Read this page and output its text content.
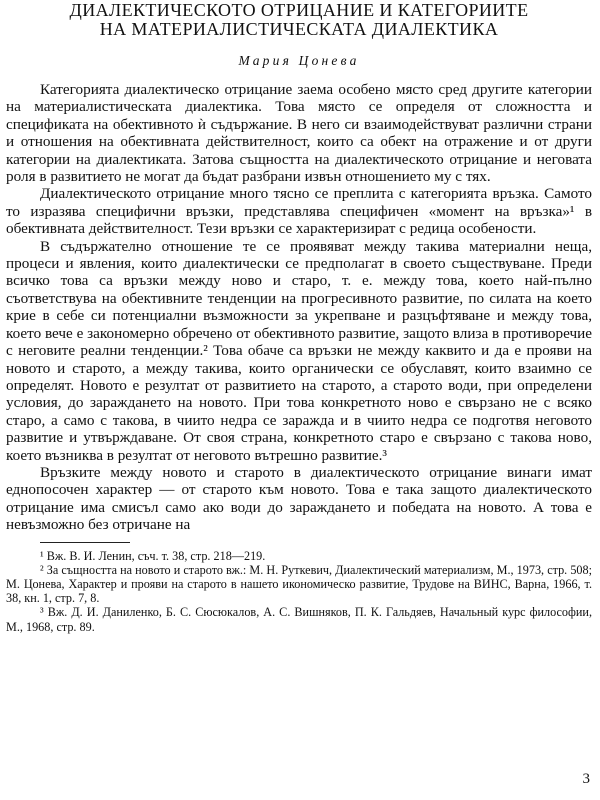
ДИАЛЕКТИЧЕСКОТО ОТРИЦАНИЕ И КАТЕГОРИИТЕ
НА МАТЕРИАЛИСТИЧЕСКАТА ДИАЛЕКТИКА
Мария Цонева

Категорията диалектическо отрицание заема особено място сред другите категории на материалистическата диалектика. Това място се определя от сложността и спецификата на обективното ѝ съдържание. В него си взаимодействуват различни страни и отношения на обективната действителност, които са обект на отражение и от други категории на диалектиката. Затова същността на диалектическото отрицание и неговата роля в развитието не могат да бъдат разбрани извън отношението му с тях.

Диалектическото отрицание много тясно се преплита с категорията връзка. Самото то изразява специфични връзки, представлява специфичен «момент на връзка»¹ в обективната действителност. Тези връзки се характеризират с редица особености.

В съдържателно отношение те се проявяват между такива материални неща, процеси и явления, които диалектически се предполагат в своето съществуване. Преди всичко това са връзки между ново и старо, т. е. между това, което най-пълно съответствува на обективните тенденции на прогресивното развитие, по силата на което крие в себе си потенциални възможности за укрепване и разцъфтяване и между това, което вече е закономерно обречено от обективното развитие, защото влиза в противоречие с неговите реални тенденции.² Това обаче са връзки не между каквито и да е прояви на новото и старото, а между такива, които органически се обуславят, които взаимно се определят. Новото е резултат от развитието на старото, а старото води, при определени условия, до зараждането на новото. При това конкретното ново е свързано не с всяко старо, а само с такова, в чиито недра се заражда и в чиито недра се подготвя неговото развитие и утвърждаване. От своя страна, конкретното старо е свързано с такова ново, което възниква в резултат от неговото вътрешно развитие.³

Връзките между новото и старото в диалектическото отрицание винаги имат еднопосочен характер — от старото към новото. Това е така защото диалектическото отрицание има смисъл само ако води до зараждането и победата на новото. А това е невъзможно без отричане на

¹ Вж. В. И. Ленин, съч. т. 38, стр. 218—219.

² За същността на новото и старото вж.: М. Н. Руткевич, Диалектический материализм, М., 1973, стр. 508; М. Цонева, Характер и прояви на старото в нашето икономическо развитие, Трудове на ВИНС, Варна, 1966, т. 38, кн. 1, стр. 7, 8.

³ Вж. Д. И. Даниленко, Б. С. Сюсюкалов, А. С. Вишняков, П. К. Гальдяев, Начальный курс философии, М., 1968, стр. 89.

3
